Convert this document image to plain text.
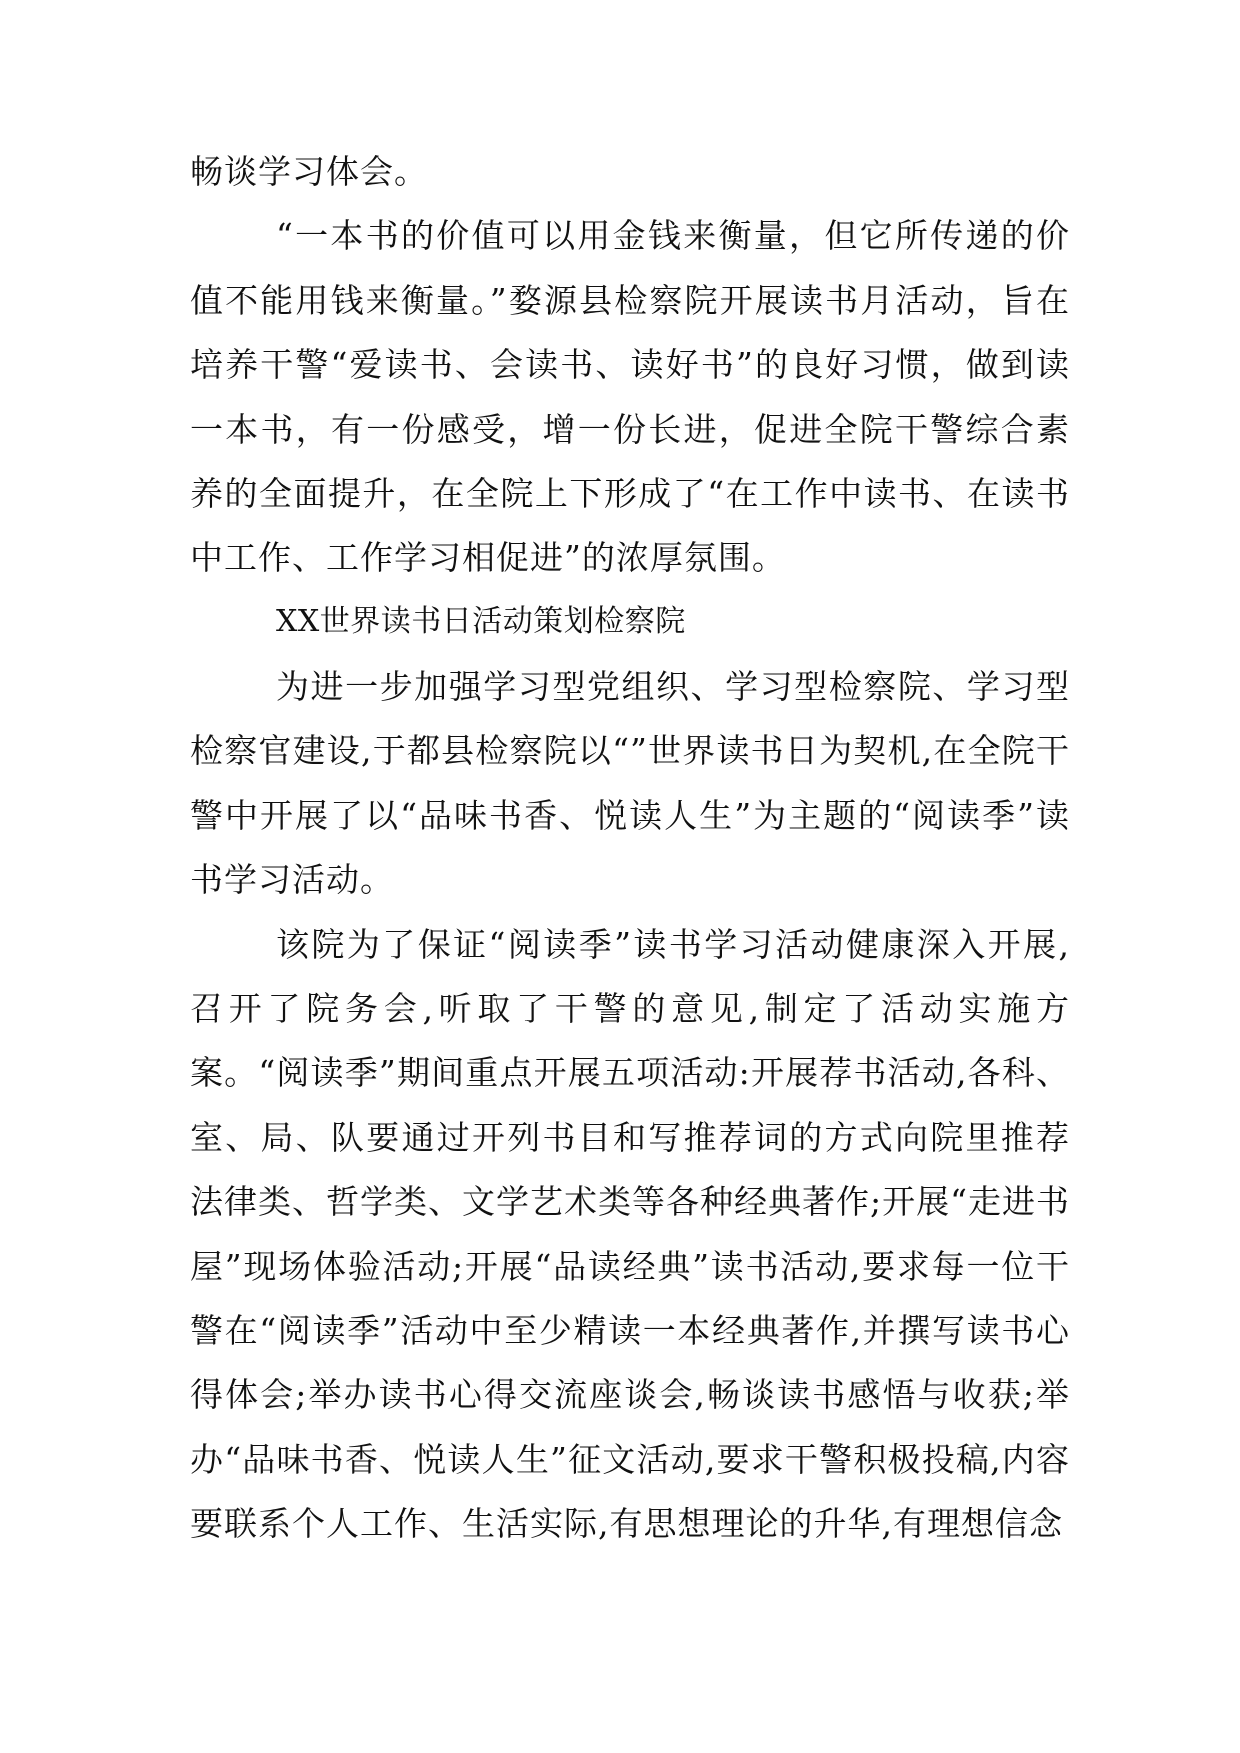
畅谈学习体会。

“一本书的价值可以用金钱来衡量，但它所传递的价值不能用钱来衡量。”婺源县检察院开展读书月活动，旨在培养干警“爱读书、会读书、读好书”的良好习惯，做到读一本书，有一份感受，增一份长进，促进全院干警综合素养的全面提升，在全院上下形成了“在工作中读书、在读书中工作、工作学习相促进”的浓厚氛围。

XX世界读书日活动策划检察院

为进一步加强学习型党组织、学习型检察院、学习型检察官建设,于都县检察院以“”世界读书日为契机,在全院干警中开展了以“品味书香、悦读人生”为主题的“阅读季”读书学习活动。

该院为了保证“阅读季”读书学习活动健康深入开展,召开了院务会,听取了干警的意见,制定了活动实施方案。“阅读季”期间重点开展五项活动:开展荐书活动,各科、室、局、队要通过开列书目和写推荐词的方式向院里推荐法律类、哲学类、文学艺术类等各种经典著作;开展“走进书屋”现场体验活动;开展“品读经典”读书活动,要求每一位干警在“阅读季”活动中至少精读一本经典著作,并撰写读书心得体会;举办读书心得交流座谈会,畅谈读书感悟与收获;举办“品味书香、悦读人生”征文活动,要求干警积极投稿,内容要联系个人工作、生活实际,有思想理论的升华,有理想信念
